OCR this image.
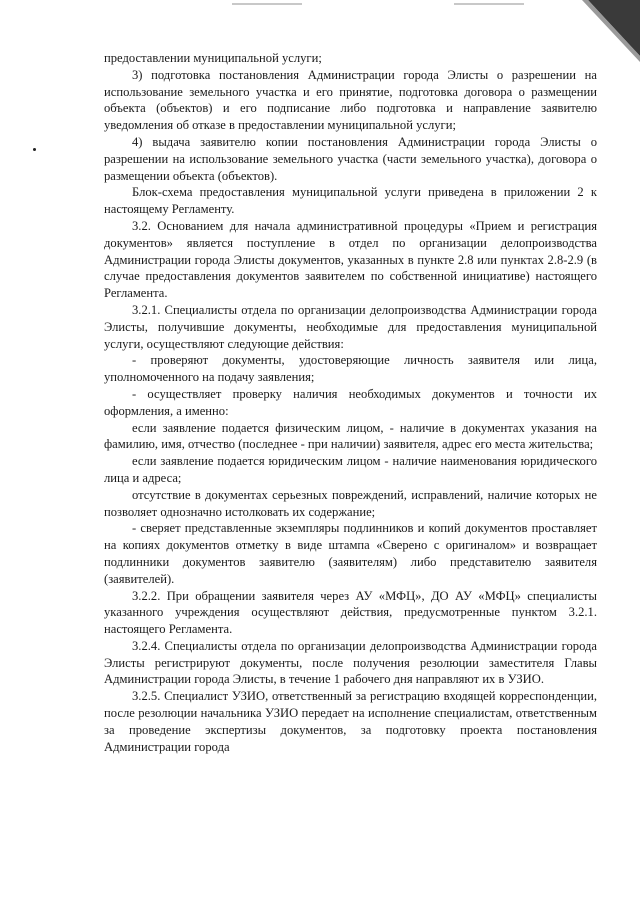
предоставлении муниципальной услуги;

3) подготовка постановления Администрации города Элисты о разрешении на использование земельного участка и его принятие, подготовка договора о размещении объекта (объектов) и его подписание либо подготовка и направление заявителю уведомления об отказе в предоставлении муниципальной услуги;

4) выдача заявителю копии постановления Администрации города Элисты о разрешении на использование земельного участка (части земельного участка), договора о размещении объекта (объектов).

Блок-схема предоставления муниципальной услуги приведена в приложении 2 к настоящему Регламенту.

3.2. Основанием для начала административной процедуры «Прием и регистрация документов» является поступление в отдел по организации делопроизводства Администрации города Элисты документов, указанных в пункте 2.8 или пунктах 2.8-2.9 (в случае предоставления документов заявителем по собственной инициативе) настоящего Регламента.

3.2.1. Специалисты отдела по организации делопроизводства Администрации города Элисты, получившие документы, необходимые для предоставления муниципальной услуги, осуществляют следующие действия:

- проверяют документы, удостоверяющие личность заявителя или лица, уполномоченного на подачу заявления;

- осуществляет проверку наличия необходимых документов и точности их оформления, а именно:

если заявление подается физическим лицом, - наличие в документах указания на фамилию, имя, отчество (последнее - при наличии) заявителя, адрес его места жительства;

если заявление подается юридическим лицом - наличие наименования юридического лица и адреса;

отсутствие в документах серьезных повреждений, исправлений, наличие которых не позволяет однозначно истолковать их содержание;

- сверяет представленные экземпляры подлинников и копий документов проставляет на копиях документов отметку в виде штампа «Сверено с оригиналом» и возвращает подлинники документов заявителю (заявителям) либо представителю заявителя (заявителей).

3.2.2. При обращении заявителя через АУ «МФЦ», ДО АУ «МФЦ» специалисты указанного учреждения осуществляют действия, предусмотренные пунктом 3.2.1. настоящего Регламента.

3.2.4. Специалисты отдела по организации делопроизводства Администрации города Элисты регистрируют документы, после получения резолюции заместителя Главы Администрации города Элисты, в течение 1 рабочего дня направляют их в УЗИО.

3.2.5. Специалист УЗИО, ответственный за регистрацию входящей корреспонденции, после резолюции начальника УЗИО передает на исполнение специалистам, ответственным за проведение экспертизы документов, за подготовку проекта постановления Администрации города
